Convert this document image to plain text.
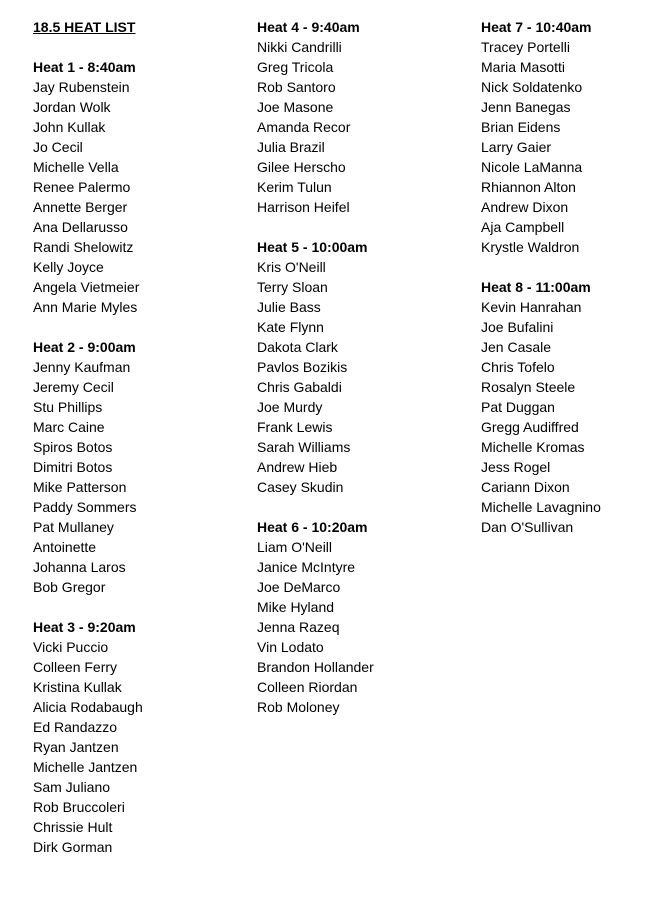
18.5 HEAT LIST
Heat 1 - 8:40am
Jay Rubenstein
Jordan Wolk
John Kullak
Jo Cecil
Michelle Vella
Renee Palermo
Annette Berger
Ana Dellarusso
Randi Shelowitz
Kelly Joyce
Angela Vietmeier
Ann Marie Myles
Heat 2 - 9:00am
Jenny Kaufman
Jeremy Cecil
Stu Phillips
Marc Caine
Spiros Botos
Dimitri Botos
Mike Patterson
Paddy Sommers
Pat Mullaney
Antoinette
Johanna Laros
Bob Gregor
Heat 3 - 9:20am
Vicki Puccio
Colleen Ferry
Kristina Kullak
Alicia Rodabaugh
Ed Randazzo
Ryan Jantzen
Michelle Jantzen
Sam Juliano
Rob Bruccoleri
Chrissie Hult
Dirk Gorman
Heat 4 - 9:40am
Nikki Candrilli
Greg Tricola
Rob Santoro
Joe Masone
Amanda Recor
Julia Brazil
Gilee Herscho
Kerim Tulun
Harrison Heifel
Heat 5 - 10:00am
Kris O'Neill
Terry Sloan
Julie Bass
Kate Flynn
Dakota Clark
Pavlos Bozikis
Chris Gabaldi
Joe Murdy
Frank Lewis
Sarah Williams
Andrew Hieb
Casey Skudin
Heat 6 - 10:20am
Liam O'Neill
Janice McIntyre
Joe DeMarco
Mike Hyland
Jenna Razeq
Vin Lodato
Brandon Hollander
Colleen Riordan
Rob Moloney
Heat 7 - 10:40am
Tracey Portelli
Maria Masotti
Nick Soldatenko
Jenn Banegas
Brian Eidens
Larry Gaier
Nicole LaManna
Rhiannon Alton
Andrew Dixon
Aja Campbell
Krystle Waldron
Heat 8 - 11:00am
Kevin Hanrahan
Joe Bufalini
Jen Casale
Chris Tofelo
Rosalyn Steele
Pat Duggan
Gregg Audiffred
Michelle Kromas
Jess Rogel
Cariann Dixon
Michelle Lavagnino
Dan O'Sullivan
